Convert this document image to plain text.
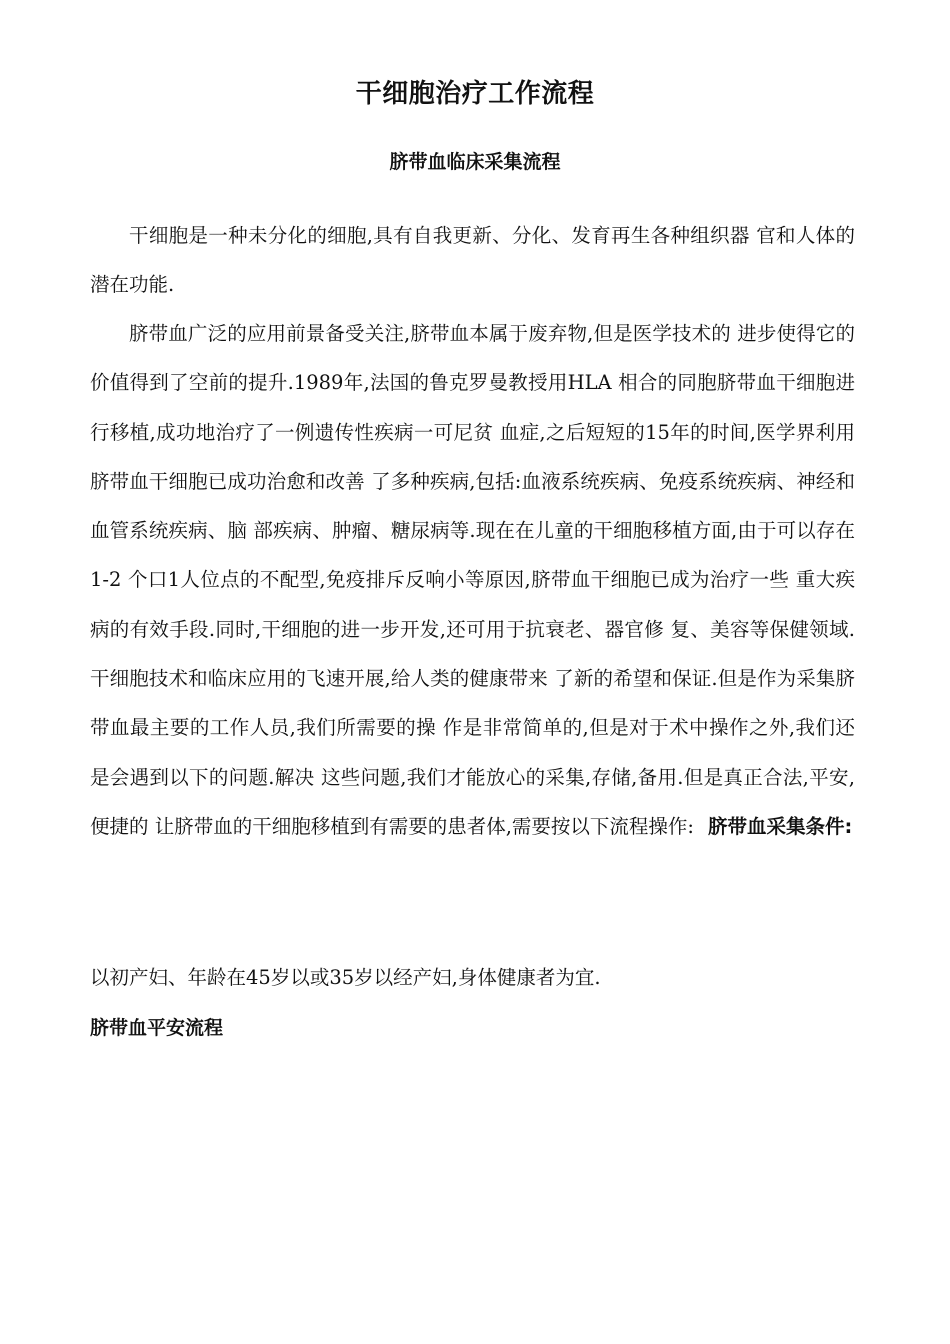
干细胞治疗工作流程
脐带血临床采集流程
干细胞是一种未分化的细胞,具有自我更新、分化、发育再生各种组织器 官和人体的潜在功能.
脐带血广泛的应用前景备受关注,脐带血本属于废弃物,但是医学技术的 进步使得它的价值得到了空前的提升.1989年,法国的鲁克罗曼教授用HLA 相合的同胞脐带血干细胞进行移植,成功地治疗了一例遗传性疾病一可尼贫 血症,之后短短的15年的时间,医学界利用脐带血干细胞已成功治愈和改善 了多种疾病,包括:血液系统疾病、免疫系统疾病、神经和血管系统疾病、脑 部疾病、肿瘤、糖尿病等.现在在儿童的干细胞移植方面,由于可以存在1-2 个口1人位点的不配型,免疫排斥反响小等原因,脐带血干细胞已成为治疗一些 重大疾病的有效手段.同时,干细胞的进一步开发,还可用于抗衰老、器官修 复、美容等保健领域.干细胞技术和临床应用的飞速开展,给人类的健康带来 了新的希望和保证.但是作为采集脐带血最主要的工作人员,我们所需要的操 作是非常简单的,但是对于术中操作之外,我们还是会遇到以下的问题.解决 这些问题,我们才能放心的采集,存储,备用.但是真正合法,平安,便捷的 让脐带血的干细胞移植到有需要的患者体,需要按以下流程操作: 脐带血采集条件:
以初产妇、年龄在45岁以或35岁以经产妇,身体健康者为宜.
脐带血平安流程
